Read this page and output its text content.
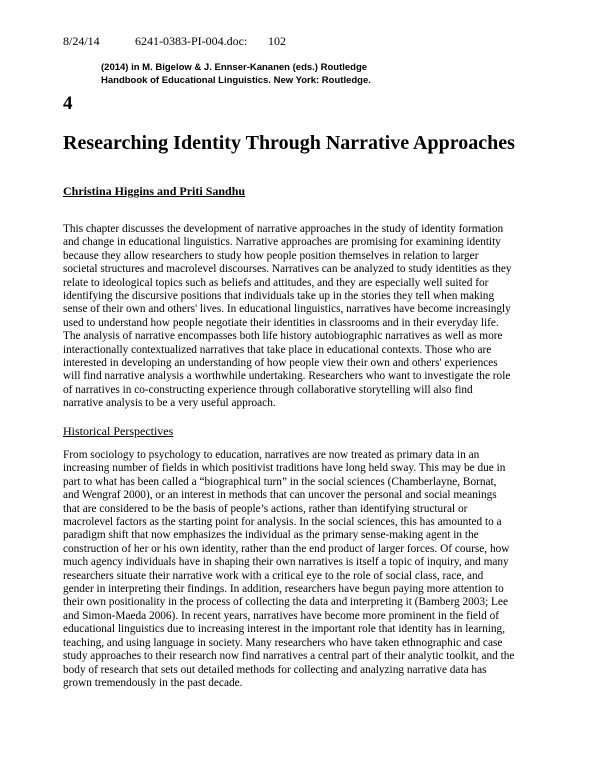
8/24/14	6241-0383-PI-004.doc:	102
(2014) in M. Bigelow & J. Ennser-Kananen (eds.) Routledge
Handbook of Educational Linguistics. New York: Routledge.
4
Researching Identity Through Narrative Approaches
Christina Higgins and Priti Sandhu
This chapter discusses the development of narrative approaches in the study of identity formation
and change in educational linguistics. Narrative approaches are promising for examining identity
because they allow researchers to study how people position themselves in relation to larger
societal structures and macrolevel discourses. Narratives can be analyzed to study identities as they
relate to ideological topics such as beliefs and attitudes, and they are especially well suited for
identifying the discursive positions that individuals take up in the stories they tell when making
sense of their own and others' lives. In educational linguistics, narratives have become increasingly
used to understand how people negotiate their identities in classrooms and in their everyday life.
The analysis of narrative encompasses both life history autobiographic narratives as well as more
interactionally contextualized narratives that take place in educational contexts. Those who are
interested in developing an understanding of how people view their own and others' experiences
will find narrative analysis a worthwhile undertaking. Researchers who want to investigate the role
of narratives in co-constructing experience through collaborative storytelling will also find
narrative analysis to be a very useful approach.
Historical Perspectives
From sociology to psychology to education, narratives are now treated as primary data in an
increasing number of fields in which positivist traditions have long held sway. This may be due in
part to what has been called a “biographical turn” in the social sciences (Chamberlayne, Bornat,
and Wengraf 2000), or an interest in methods that can uncover the personal and social meanings
that are considered to be the basis of people’s actions, rather than identifying structural or
macrolevel factors as the starting point for analysis. In the social sciences, this has amounted to a
paradigm shift that now emphasizes the individual as the primary sense-making agent in the
construction of her or his own identity, rather than the end product of larger forces. Of course, how
much agency individuals have in shaping their own narratives is itself a topic of inquiry, and many
researchers situate their narrative work with a critical eye to the role of social class, race, and
gender in interpreting their findings. In addition, researchers have begun paying more attention to
their own positionality in the process of collecting the data and interpreting it (Bamberg 2003; Lee
and Simon-Maeda 2006). In recent years, narratives have become more prominent in the field of
educational linguistics due to increasing interest in the important role that identity has in learning,
teaching, and using language in society. Many researchers who have taken ethnographic and case
study approaches to their research now find narratives a central part of their analytic toolkit, and the
body of research that sets out detailed methods for collecting and analyzing narrative data has
grown tremendously in the past decade.
